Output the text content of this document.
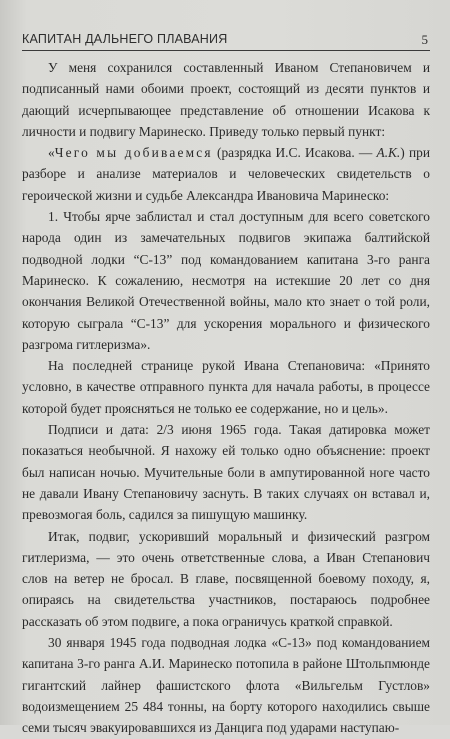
КАПИТАН ДАЛЬНЕГО ПЛАВАНИЯ	5

У меня сохранился составленный Иваном Степановичем и подписанный нами обоими проект, состоящий из десяти пунктов и дающий исчерпывающее представление об отношении Исакова к личности и подвигу Маринеско. Приведу только первый пункт:

«Чего мы добиваемся (разрядка И.С. Исакова. — А.К.) при разборе и анализе материалов и человеческих свидетельств о героической жизни и судьбе Александра Ивановича Маринеско:

1. Чтобы ярче заблистал и стал доступным для всего советского народа один из замечательных подвигов экипажа балтийской подводной лодки “С-13” под командованием капитана 3-го ранга Маринеско. К сожалению, несмотря на истекшие 20 лет со дня окончания Великой Отечественной войны, мало кто знает о той роли, которую сыграла “С-13” для ускорения морального и физического разгрома гитлеризма».

На последней странице рукой Ивана Степановича: «Принято условно, в качестве отправного пункта для начала работы, в процессе которой будет проясняться не только ее содержание, но и цель».

Подписи и дата: 2/3 июня 1965 года. Такая датировка может показаться необычной. Я нахожу ей только одно объяснение: проект был написан ночью. Мучительные боли в ампутированной ноге часто не давали Ивану Степановичу заснуть. В таких случаях он вставал и, превозмогая боль, садился за пишущую машинку.

Итак, подвиг, ускоривший моральный и физический разгром гитлеризма, — это очень ответственные слова, а Иван Степанович слов на ветер не бросал. В главе, посвященной боевому походу, я, опираясь на свидетельства участников, постараюсь подробнее рассказать об этом подвиге, а пока ограничусь краткой справкой.

30 января 1945 года подводная лодка «С-13» под командованием капитана 3-го ранга А.И. Маринеско потопила в районе Штольпмюнде гигантский лайнер фашистского флота «Вильгельм Густлов» водоизмещением 25 484 тонны, на борту которого находились свыше семи тысяч эвакуировавшихся из Данцига под ударами наступаю-
